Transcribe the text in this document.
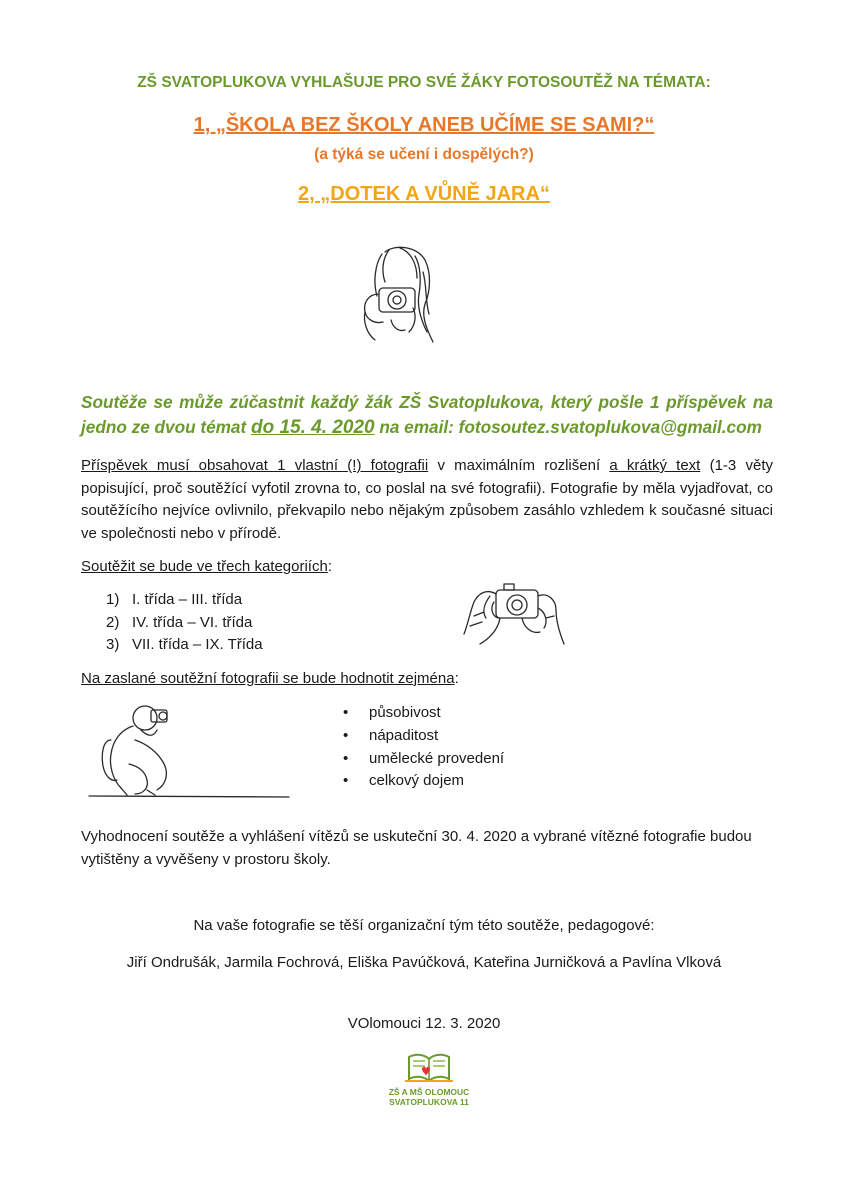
ZŠ SVATOPLUKOVA VYHLAŠUJE PRO SVÉ ŽÁKY FOTOSOUTĚŽ NA TÉMATA:
1, „ŠKOLA BEZ ŠKOLY ANEB UČÍME SE SAMI?“
(a týká se učení i dospělých?)
2, „DOTEK A VŮNĚ JARA“
Soutěže se může zúčastnit každý žák ZŠ Svatoplukova, který pošle 1 příspěvek na jedno ze dvou témat do 15. 4. 2020 na email: fotosoutez.svatoplukova@gmail.com
Příspěvek musí obsahovat 1 vlastní (!) fotografii v maximálním rozlišení a krátký text (1-3 věty popisující, proč soutěžící vyfotil zrovna to, co poslal na své fotografii). Fotografie by měla vyjadřovat, co soutěžícího nejvíce ovlivnilo, překvapilo nebo nějakým způsobem zasáhlo vzhledem k současné situaci ve společnosti nebo v přírodě.
Soutěžit se bude ve třech kategoriích:
1) I. třída – III. třída
2) IV. třída – VI. třída
3) VII. třída – IX. Třída
Na zaslané soutěžní fotografii se bude hodnotit zejména:
• působivost
• nápaditost
• umělecké provedení
• celkový dojem
Vyhodnocení soutěže a vyhlášení vítězů se uskuteční 30. 4. 2020 a vybrané vítězné fotografie budou vytištěny a vyvěšeny v prostoru školy.
Na vaše fotografie se těší organizační tým této soutěže, pedagogové:
Jiří Ondrušák, Jarmila Fochrová, Eliška Pavúčková, Kateřina Jurničková a Pavlína Vlková
VOlomouci 12. 3. 2020
ZŠ A MŠ OLOMOUC
SVATOPLUKOVA 11
